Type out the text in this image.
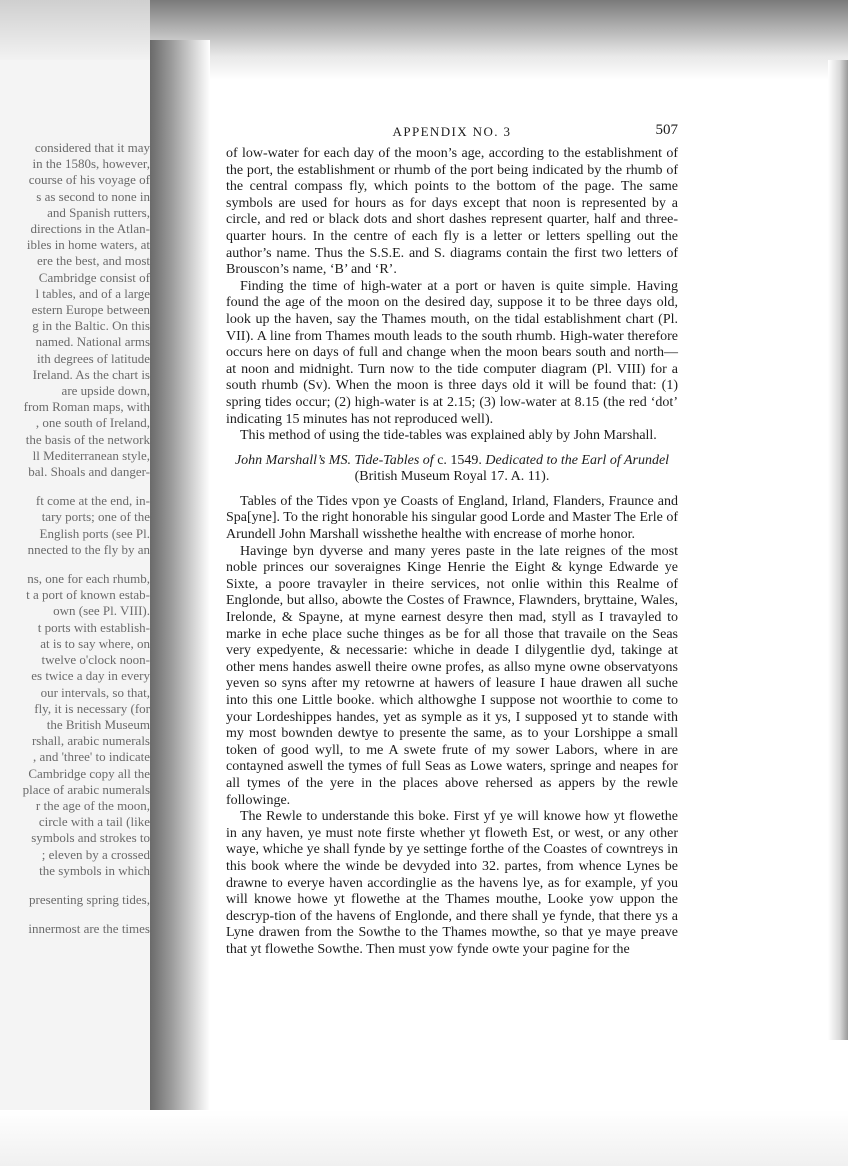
considered that it may
in the 1580s, however,
course of his voyage of
s as second to none in
and Spanish rutters,
directions in the Atlan-
ibles in home waters, at
ere the best, and most
Cambridge consist of
l tables, and of a large
estern Europe between
g in the Baltic. On this
named. National arms
ith degrees of latitude
Ireland. As the chart is
are upside down,
from Roman maps, with
, one south of Ireland,
the basis of the network
ll Mediterranean style,
bal. Shoals and danger-
ft come at the end, in-
tary ports; one of the
English ports (see Pl.
nnected to the fly by an
ns, one for each rhumb,
t a port of known estab-
own (see Pl. VIII).
t ports with establish-
at is to say where, on
twelve o'clock noon-
es twice a day in every
our intervals, so that,
fly, it is necessary (for
the British Museum
rshall, arabic numerals
, and 'three' to indicate
Cambridge copy all the
place of arabic numerals
r the age of the moon,
circle with a tail (like
symbols and strokes to
; eleven by a crossed
the symbols in which
presenting spring tides,
innermost are the times
APPENDIX NO. 3	507

of low-water for each day of the moon’s age, according to the establishment of the port, the establishment or rhumb of the port being indicated by the rhumb of the central compass fly, which points to the bottom of the page. The same symbols are used for hours as for days except that noon is represented by a circle, and red or black dots and short dashes represent quarter, half and three-quarter hours. In the centre of each fly is a letter or letters spelling out the author’s name. Thus the S.S.E. and S. diagrams contain the first two letters of Brouscon’s name, ‘B’ and ‘R’.

Finding the time of high-water at a port or haven is quite simple. Having found the age of the moon on the desired day, suppose it to be three days old, look up the haven, say the Thames mouth, on the tidal establishment chart (Pl. VII). A line from Thames mouth leads to the south rhumb. High-water therefore occurs here on days of full and change when the moon bears south and north—at noon and midnight. Turn now to the tide computer diagram (Pl. VIII) for a south rhumb (Sv). When the moon is three days old it will be found that: (1) spring tides occur; (2) high-water is at 2.15; (3) low-water at 8.15 (the red ‘dot’ indicating 15 minutes has not reproduced well).

This method of using the tide-tables was explained ably by John Marshall.

John Marshall’s MS. Tide-Tables of c. 1549. Dedicated to the Earl of Arundel
(British Museum Royal 17. A. 11).

Tables of the Tides vpon ye Coasts of England, Irland, Flanders, Fraunce and Spa[yne]. To the right honorable his singular good Lorde and Master The Erle of Arundell John Marshall wisshethe healthe with encrease of morhe honor.

Havinge byn dyverse and many yeres paste in the late reignes of the most noble princes our soveraignes Kinge Henrie the Eight & kynge Edwarde ye Sixte, a poore travayler in theire services, not onlie within this Realme of Englonde, but allso, abowte the Costes of Frawnce, Flawnders, bryttaine, Wales, Irelonde, & Spayne, at myne earnest desyre then mad, styll as I travayled to marke in eche place suche thinges as be for all those that travaile on the Seas very expedyente, & necessarie: whiche in deade I dilygentlie dyd, takinge at other mens handes aswell theire owne profes, as allso myne owne observatyons yeven so syns after my retowrne at hawers of leasure I haue drawen all suche into this one Little booke. which althowghe I suppose not woorthie to come to your Lordeshippes handes, yet as symple as it ys, I supposed yt to stande with my most bownden dewtye to presente the same, as to your Lorshippe a small token of good wyll, to me A swete frute of my sower Labors, where in are contayned aswell the tymes of full Seas as Lowe waters, springe and neapes for all tymes of the yere in the places above rehersed as appers by the rewle followinge.

The Rewle to understande this boke. First yf ye will knowe how yt flowethe in any haven, ye must note firste whether yt floweth Est, or west, or any other waye, whiche ye shall fynde by ye settinge forthe of the Coastes of cowntreys in this book where the winde be devyded into 32. partes, from whence Lynes be drawne to everye haven accordinglie as the havens lye, as for example, yf you will knowe howe yt flowethe at the Thames mouthe, Looke yow uppon the descryp-tion of the havens of Englonde, and there shall ye fynde, that there ys a Lyne drawen from the Sowthe to the Thames mowthe, so that ye maye preave that yt flowethe Sowthe. Then must yow fynde owte your pagine for the
